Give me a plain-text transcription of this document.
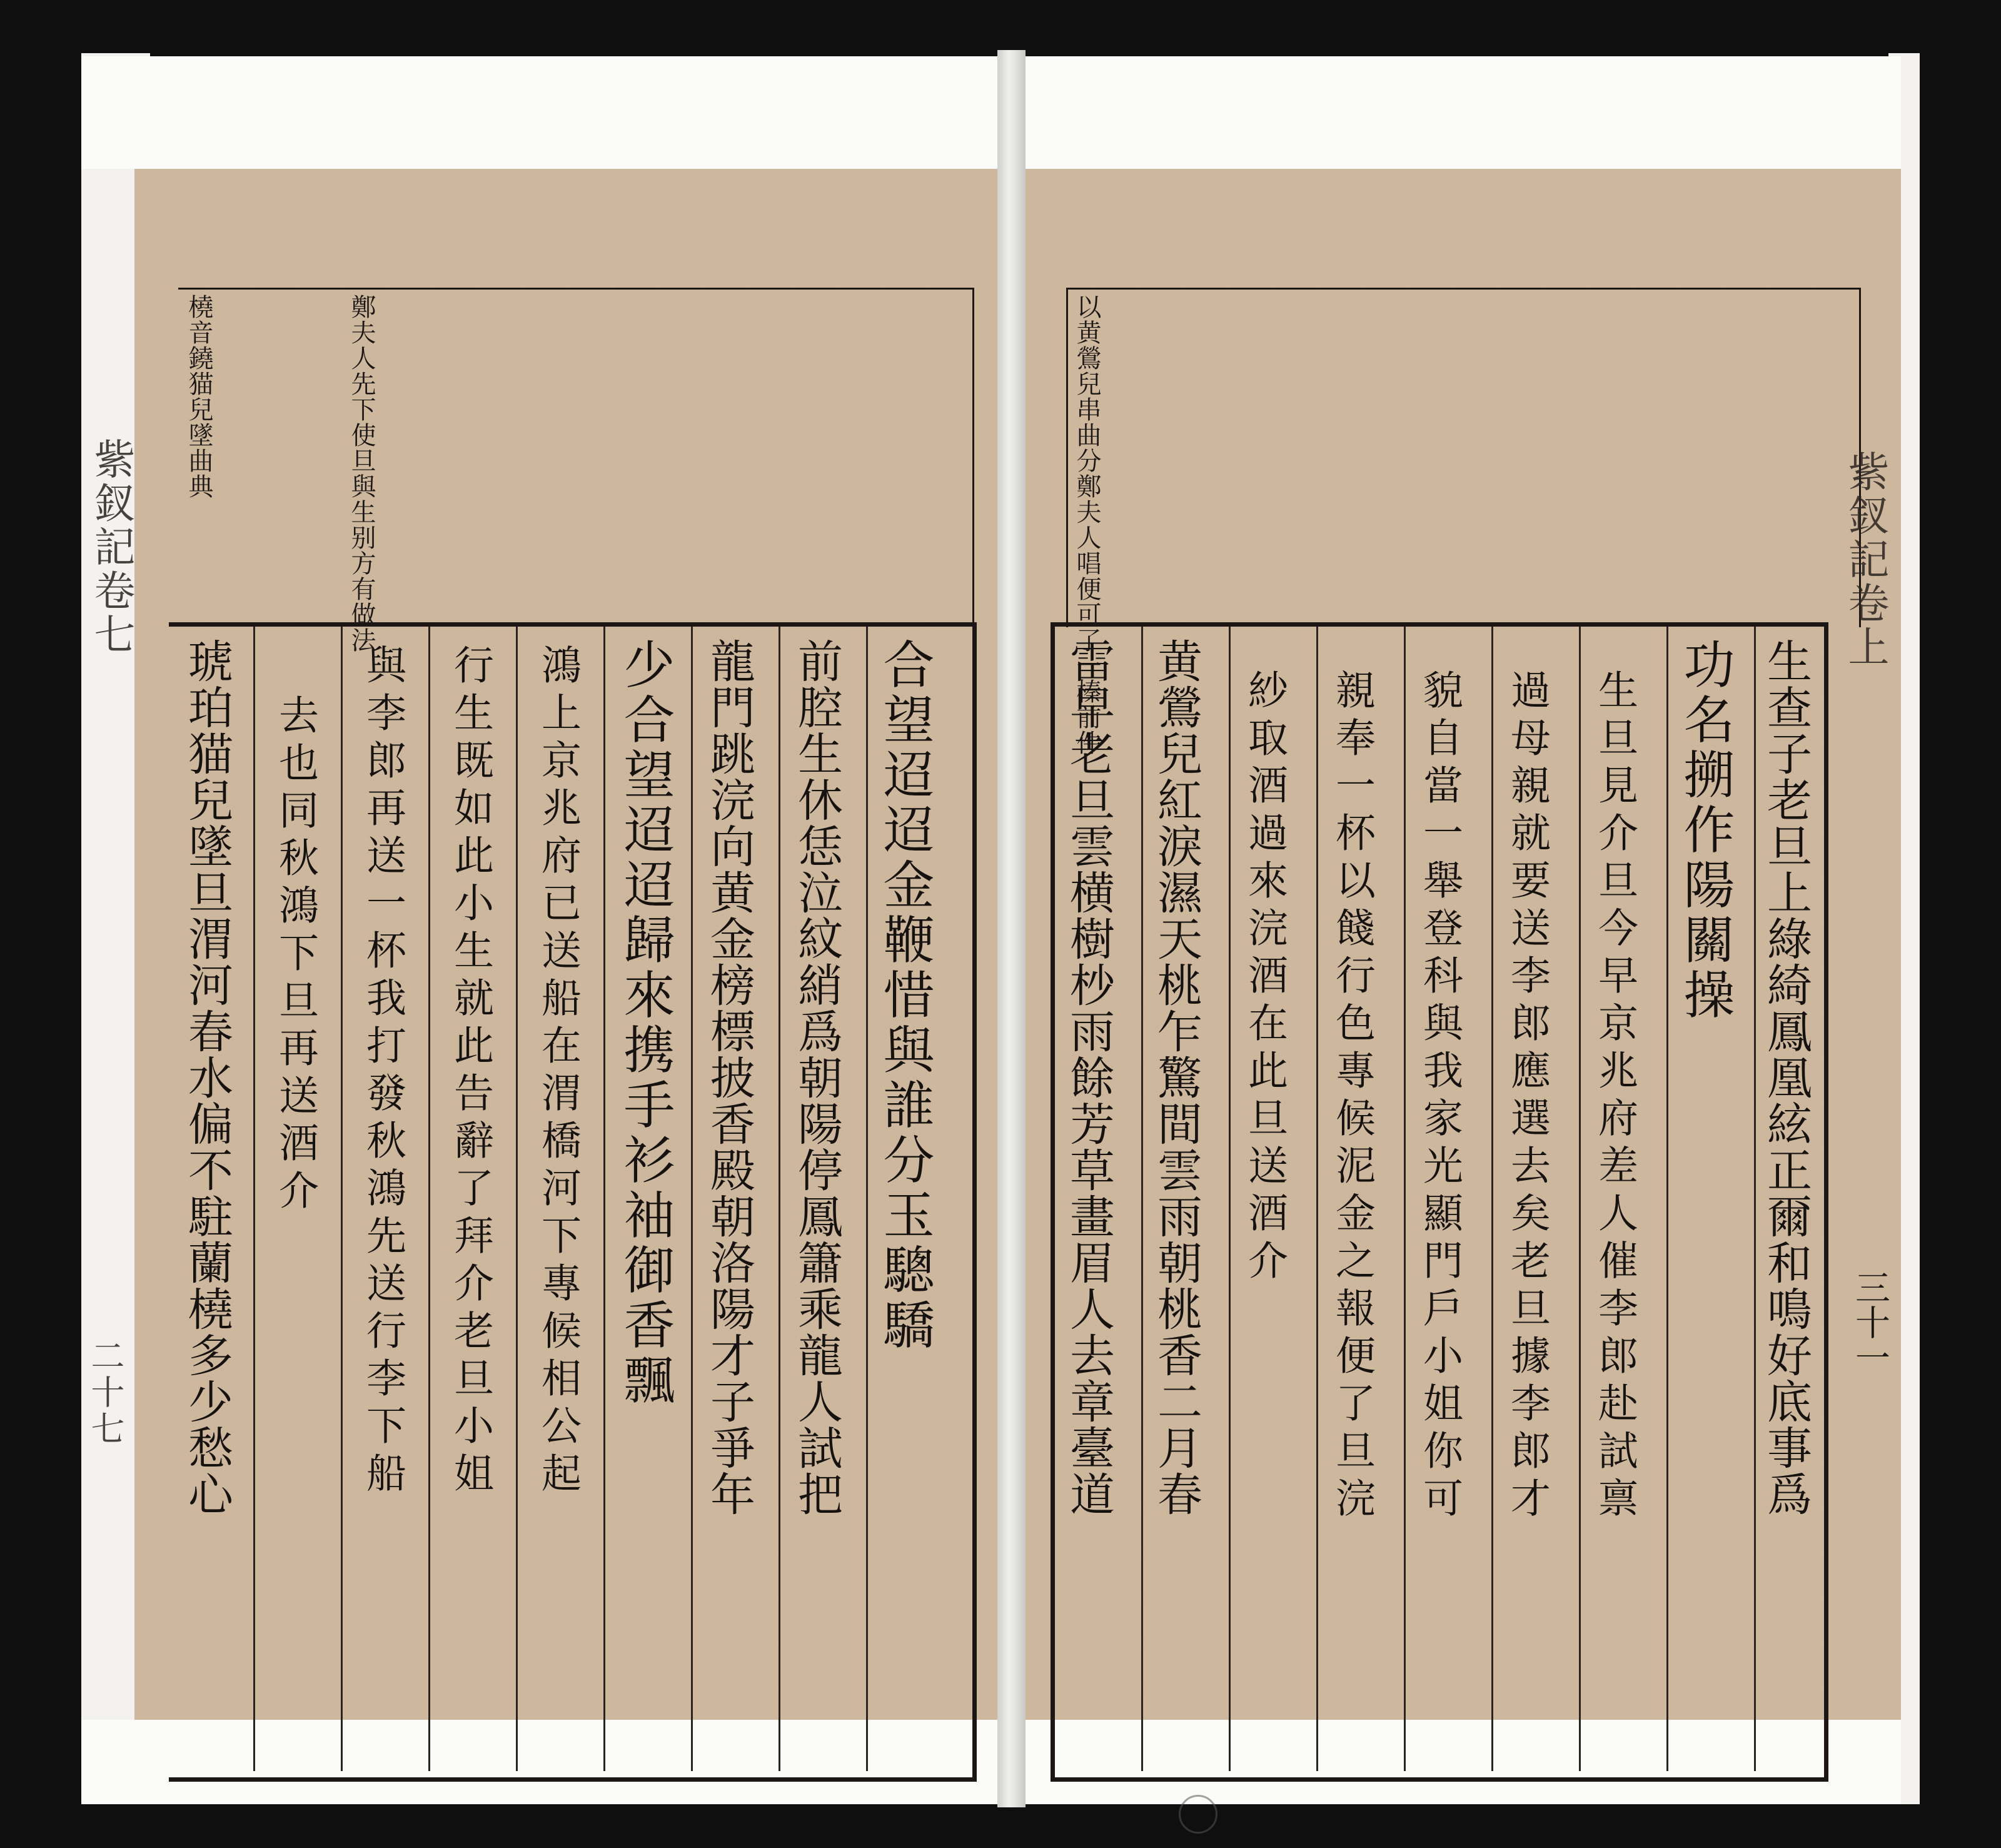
橈音鐃猫兒墜曲典	鄭夫人先下使旦與生别方有做法
紫釵記卷七
二十七
合望迢迢金鞭惜與誰分玉驄驕
前腔生休恁泣紋綃爲朝陽停鳳簫乘龍人試把
龍門跳浣向黄金榜標披香殿朝洛陽才子爭年
少合望迢迢歸來携手衫袖御香飄
鴻上京兆府已送船在渭橋河下專候相公起
行生既如此小生就此告辭了拜介老旦小姐
與李郎再送一杯我打發秋鴻先送行李下船
去也同秋鴻下旦再送酒介
琥珀猫兒墜旦渭河春水偏不駐蘭橈多少愁心
以黄鶯兒串曲分鄭夫人唱便可了一榛前件	紫釵記卷上
三十一
生查子老旦上綠綺鳳凰絃正爾和鳴好底事爲
功名搠作陽關操
生旦見介旦今早京兆府差人催李郎赴試禀
過母親就要送李郎應選去矣老旦據李郎才
貌自當一舉登科與我家光顯門戶小姐你可
親奉一杯以餞行色專候泥金之報便了旦浣
紗取酒過來浣酒在此旦送酒介
黄鶯兒紅淚濕天桃乍驚間雲雨朝桃香二月春
雷早老旦雲横樹杪雨餘芳草畫眉人去章臺道
